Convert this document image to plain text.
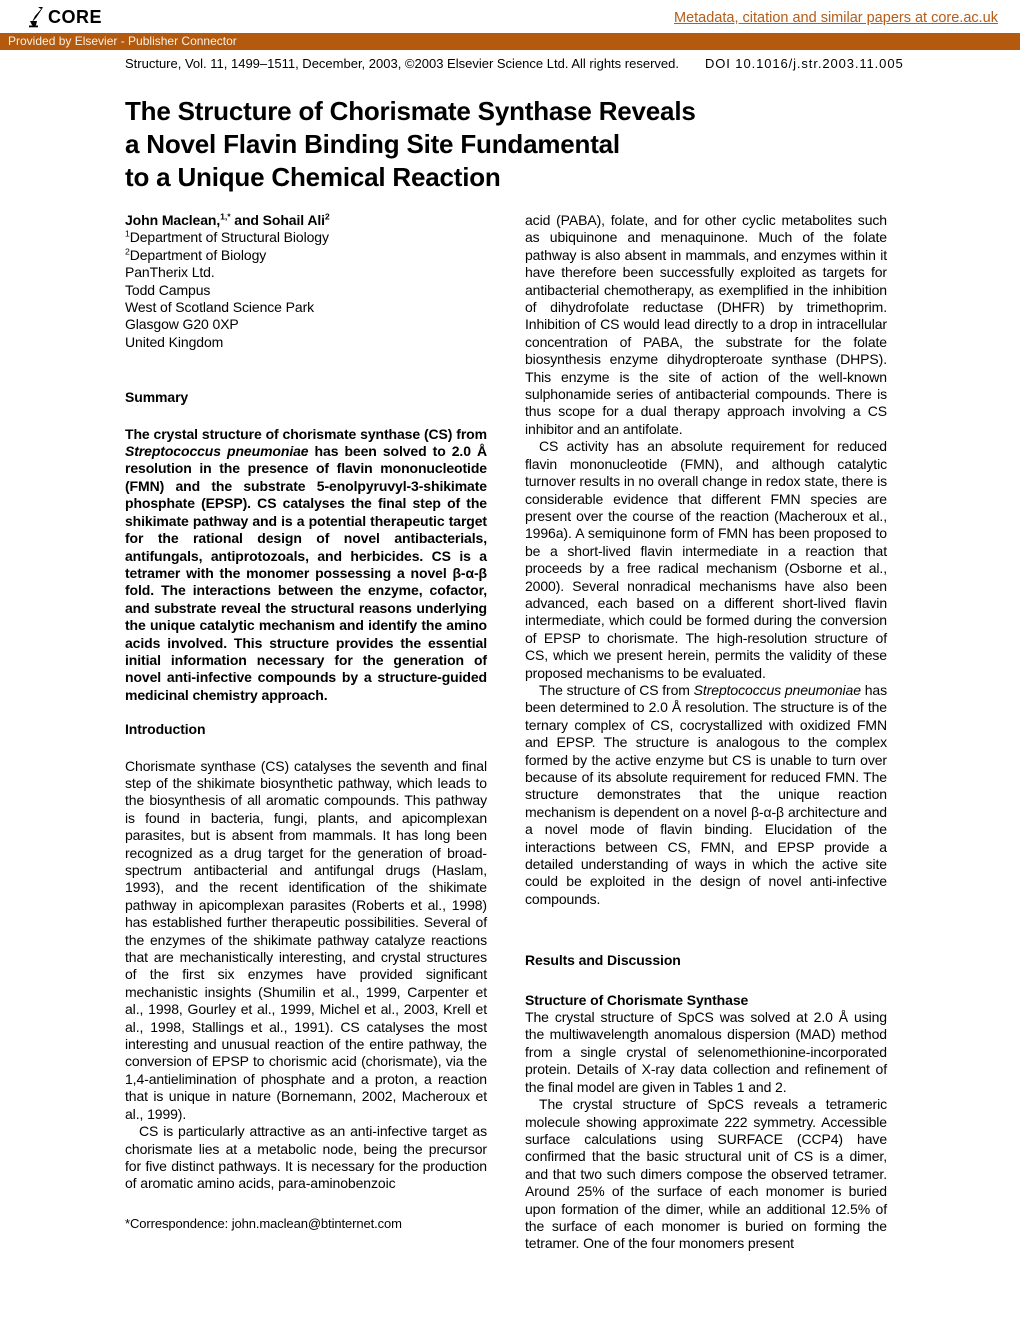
CORE	Metadata, citation and similar papers at core.ac.uk
Provided by Elsevier - Publisher Connector
Structure, Vol. 11, 1499–1511, December, 2003, ©2003 Elsevier Science Ltd. All rights reserved. DOI 10.1016/j.str.2003.11.005
The Structure of Chorismate Synthase Reveals
a Novel Flavin Binding Site Fundamental
to a Unique Chemical Reaction
John Maclean,$^{1,*}$ and Sohail Ali$^2$
$^1$Department of Structural Biology
$^2$Department of Biology
PanTherix Ltd.
Todd Campus
West of Scotland Science Park
Glasgow G20 0XP
United Kingdom
Summary

The crystal structure of chorismate synthase (CS) from Streptococcus pneumoniae has been solved to 2.0 Å resolution in the presence of flavin mononucleotide (FMN) and the substrate 5-enolpyruvyl-3-shikimate phosphate (EPSP). CS catalyses the final step of the shikimate pathway and is a potential therapeutic target for the rational design of novel antibacterials, antifungals, antiprotozoals, and herbicides. CS is a tetramer with the monomer possessing a novel β-α-β fold. The interactions between the enzyme, cofactor, and substrate reveal the structural reasons underlying the unique catalytic mechanism and identify the amino acids involved. This structure provides the essential initial information necessary for the generation of novel anti-infective compounds by a structure-guided medicinal chemistry approach.

Introduction

Chorismate synthase (CS) catalyses the seventh and final step of the shikimate biosynthetic pathway, which leads to the biosynthesis of all aromatic compounds. This pathway is found in bacteria, fungi, plants, and apicomplexan parasites, but is absent from mammals. It has long been recognized as a drug target for the generation of broad-spectrum antibacterial and antifungal drugs (Haslam, 1993), and the recent identification of the shikimate pathway in apicomplexan parasites (Roberts et al., 1998) has established further therapeutic possibilities. Several of the enzymes of the shikimate pathway catalyze reactions that are mechanistically interesting, and crystal structures of the first six enzymes have provided significant mechanistic insights (Shumilin et al., 1999, Carpenter et al., 1998, Gourley et al., 1999, Michel et al., 2003, Krell et al., 1998, Stallings et al., 1991). CS catalyses the most interesting and unusual reaction of the entire pathway, the conversion of EPSP to chorismic acid (chorismate), via the 1,4-antielimination of phosphate and a proton, a reaction that is unique in nature (Bornemann, 2002, Macheroux et al., 1999).

CS is particularly attractive as an anti-infective target as chorismate lies at a metabolic node, being the precursor for five distinct pathways. It is necessary for the production of aromatic amino acids, para-aminobenzoic

acid (PABA), folate, and for other cyclic metabolites such as ubiquinone and menaquinone. Much of the folate pathway is also absent in mammals, and enzymes within it have therefore been successfully exploited as targets for antibacterial chemotherapy, as exemplified in the inhibition of dihydrofolate reductase (DHFR) by trimethoprim. Inhibition of CS would lead directly to a drop in intracellular concentration of PABA, the substrate for the folate biosynthesis enzyme dihydropteroate synthase (DHPS). This enzyme is the site of action of the well-known sulphonamide series of antibacterial compounds. There is thus scope for a dual therapy approach involving a CS inhibitor and an antifolate.

CS activity has an absolute requirement for reduced flavin mononucleotide (FMN), and although catalytic turnover results in no overall change in redox state, there is considerable evidence that different FMN species are present over the course of the reaction (Macheroux et al., 1996a). A semiquinone form of FMN has been proposed to be a short-lived flavin intermediate in a reaction that proceeds by a free radical mechanism (Osborne et al., 2000). Several nonradical mechanisms have also been advanced, each based on a different short-lived flavin intermediate, which could be formed during the conversion of EPSP to chorismate. The high-resolution structure of CS, which we present herein, permits the validity of these proposed mechanisms to be evaluated.

The structure of CS from Streptococcus pneumoniae has been determined to 2.0 Å resolution. The structure is of the ternary complex of CS, cocrystallized with oxidized FMN and EPSP. The structure is analogous to the complex formed by the active enzyme but CS is unable to turn over because of its absolute requirement for reduced FMN. The structure demonstrates that the unique reaction mechanism is dependent on a novel β-α-β architecture and a novel mode of flavin binding. Elucidation of the interactions between CS, FMN, and EPSP provide a detailed understanding of ways in which the active site could be exploited in the design of novel anti-infective compounds.

Results and Discussion
Structure of Chorismate Synthase

The crystal structure of SpCS was solved at 2.0 Å using the multiwavelength anomalous dispersion (MAD) method from a single crystal of selenomethionine-incorporated protein. Details of X-ray data collection and refinement of the final model are given in Tables 1 and 2.

The crystal structure of SpCS reveals a tetrameric molecule showing approximate 222 symmetry. Accessible surface calculations using SURFACE (CCP4) have confirmed that the basic structural unit of CS is a dimer, and that two such dimers compose the observed tetramer. Around 25% of the surface of each monomer is buried upon formation of the dimer, while an additional 12.5% of the surface of each monomer is buried on forming the tetramer. One of the four monomers present

*Correspondence: john.maclean@btinternet.com
